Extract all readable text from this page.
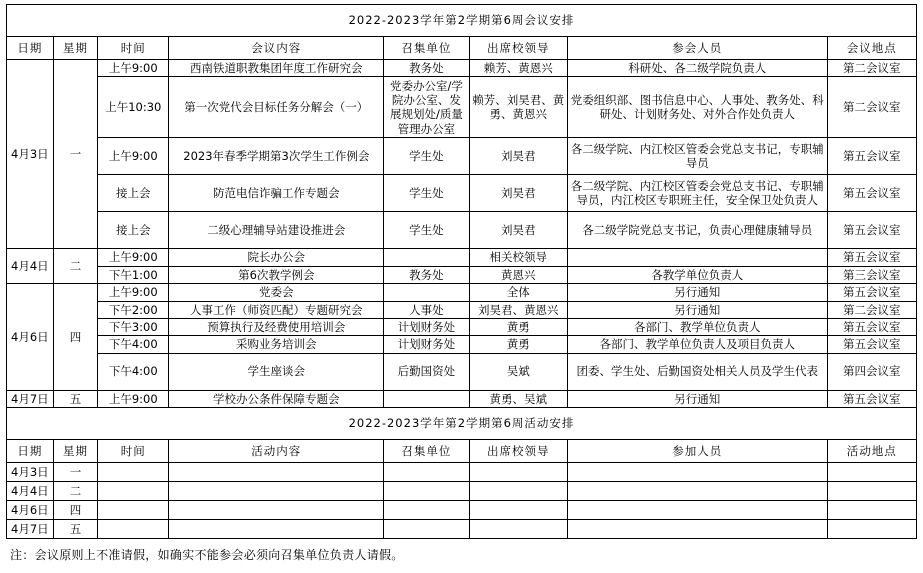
2022-2023学年第2学期第6周会议安排							
日期	星期	时间	会议内容	召集单位	出席校领导	参会人员	会议地点
4月3日	一	上午9:00	西南铁道职教集团年度工作研究会	教务处	赖芳、黄恩兴	科研处、各二级学院负责人	第二会议室
		上午10:30	第一次党代会目标任务分解会（一）	党委办公室/学院办公室、发展规划处/质量管理办公室	赖芳、刘昊君、黄勇、黄恩兴	党委组织部、图书信息中心、人事处、教务处、科研处、计划财务处、对外合作处负责人	第二会议室
		上午9:00	2023年春季学期第3次学生工作例会	学生处	刘昊君	各二级学院、内江校区管委会党总支书记，专职辅导员	第五会议室
		接上会	防范电信诈骗工作专题会	学生处	刘昊君	各二级学院、内江校区管委会党总支书记、专职辅导员，内江校区专职班主任，安全保卫处负责人	第五会议室
		接上会	二级心理辅导站建设推进会	学生处	刘昊君	各二级学院党总支书记，负责心理健康辅导员	第五会议室
4月4日	二	上午9:00	院长办公会		相关校领导		第五会议室
		下午1:00	第6次教学例会	教务处	黄恩兴	各教学单位负责人	第三会议室
4月6日	四	上午9:00	党委会		全体	另行通知	第五会议室
		下午2:00	人事工作（师资匹配）专题研究会	人事处	刘昊君、黄恩兴	另行通知	第二会议室
		下午3:00	预算执行及经费使用培训会	计划财务处	黄勇	各部门、教学单位负责人	第五会议室
		下午4:00	采购业务培训会	计划财务处	黄勇	各部门、教学单位负责人及项目负责人	第五会议室
		下午4:00	学生座谈会	后勤国资处	吴斌	团委、学生处、后勤国资处相关人员及学生代表	第四会议室
4月7日	五	上午9:00	学校办公条件保障专题会		黄勇、吴斌	另行通知	第五会议室
2022-2023学年第2学期第6周活动安排							
日期	星期	时间	活动内容	召集单位	出席校领导	参加人员	活动地点
4月3日	一						
4月4日	二						
4月6日	四						
4月7日	五						
注：会议原则上不准请假，如确实不能参会必须向召集单位负责人请假。
